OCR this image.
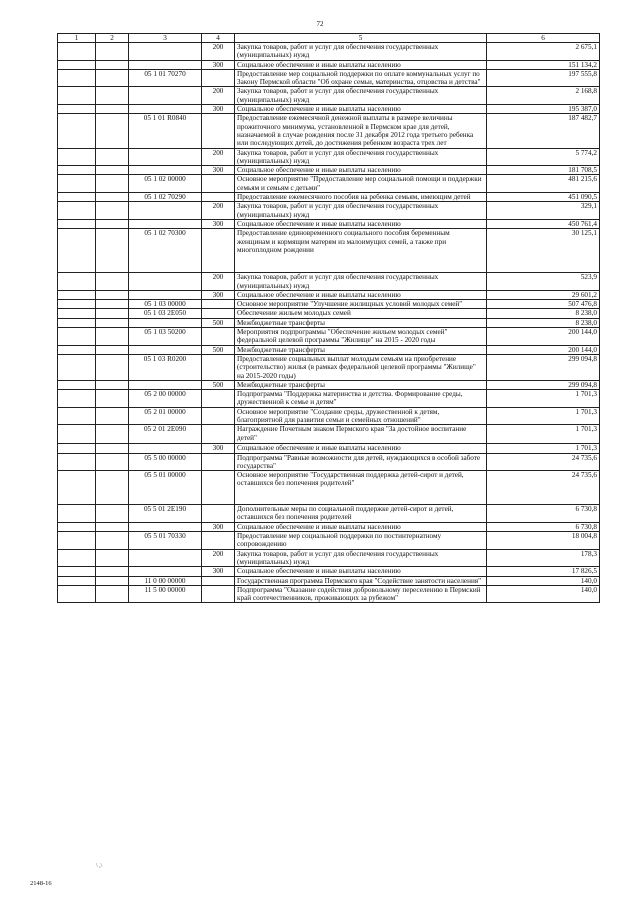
72
1	2	3	4	5	6
			200	Закупка товаров, работ и услуг для обеспечения государственных (муниципальных) нужд	2 675,1
			300	Социальное обеспечение и иные выплаты населению	151 134,2
		05 1 01 70270		Предоставление мер социальной поддержки по оплате коммунальных услуг по Закону Пермской области "Об охране семьи, материнства, отцовства и детства"	197 555,8
			200	Закупка товаров, работ и услуг для обеспечения государственных (муниципальных) нужд	2 168,8
			300	Социальное обеспечение и иные выплаты населению	195 387,0
		05 1 01 R0840		Предоставление ежемесячной денежной выплаты в размере величины прожиточного минимума, установленной в Пермском крае для детей, назначаемой в случае рождения после 31 декабря 2012 года третьего ребенка или последующих детей, до достижения ребенком возраста трех лет	187 482,7
			200	Закупка товаров, работ и услуг для обеспечения государственных (муниципальных) нужд	5 774,2
			300	Социальное обеспечение и иные выплаты населению	181 708,5
		05 1 02 00000		Основное мероприятие "Предоставление мер социальной помощи и поддержки семьям и семьям с детьми"	481 215,6
		05 1 02 70290		Предоставление ежемесячного пособия на ребенка семьям, имеющим детей	451 090,5
			200	Закупка товаров, работ и услуг для обеспечения государственных (муниципальных) нужд	329,1
			300	Социальное обеспечение и иные выплаты населению	450 761,4
		05 1 02 70300		Предоставление единовременного социального пособия беременным женщинам и кормящим матерям из малоимущих семей, а также при многоплодном рождении	30 125,1
			200	Закупка товаров, работ и услуг для обеспечения государственных (муниципальных) нужд	523,9
			300	Социальное обеспечение и иные выплаты населению	29 601,2
		05 1 03 00000		Основное мероприятие "Улучшение жилищных условий молодых семей"	507 476,8
		05 1 03 2Е050		Обеспечение жильем молодых семей	8 238,0
			500	Межбюджетные трансферты	8 238,0
		05 1 03 50200		Мероприятия подпрограммы "Обеспечение жильем молодых семей" федеральной целевой программы "Жилище" на 2015 - 2020 годы	200 144,0
			500	Межбюджетные трансферты	200 144,0
		05 1 03 R0200		Предоставление социальных выплат молодым семьям на приобретение (строительство) жилья (в рамках федеральной целевой программы "Жилище" на 2015-2020 годы)	299 094,8
			500	Межбюджетные трансферты	299 094,8
		05 2 00 00000		Подпрограмма "Поддержка материнства и детства. Формирование среды, дружественной к семье и детям"	1 701,3
		05 2 01 00000		Основное мероприятие "Создание среды, дружественной к детям, благоприятной для развития семьи и семейных отношений"	1 701,3
		05 2 01 2Е090		Награждение Почетным знаком Пермского края "За достойное воспитание детей"	1 701,3
			300	Социальное обеспечение и иные выплаты населению	1 701,3
		05 5 00 00000		Подпрограмма "Равные возможности для детей, нуждающихся в особой заботе государства"	24 735,6
		05 5 01 00000		Основное мероприятие "Государственная поддержка детей-сирот и детей, оставшихся без попечения родителей"	24 735,6
		05 5 01 2Е190		Дополнительные меры по социальной поддержке детей-сирот и детей, оставшихся без попечения родителей	6 730,8
			300	Социальное обеспечение и иные выплаты населению	6 730,8
		05 5 01 70330		Предоставление мер социальной поддержки по постинтернатному сопровождению	18 004,8
			200	Закупка товаров, работ и услуг для обеспечения государственных (муниципальных) нужд	178,3
			300	Социальное обеспечение и иные выплаты населению	17 826,5
		11 0 00 00000		Государственная программа Пермского края "Содействие занятости населения"	140,0
		11 5 00 00000		Подпрограмма "Оказание содействия добровольному переселению в Пермский край соотечественников, проживающих за рубежом"	140,0
\ ,\
2148-16
